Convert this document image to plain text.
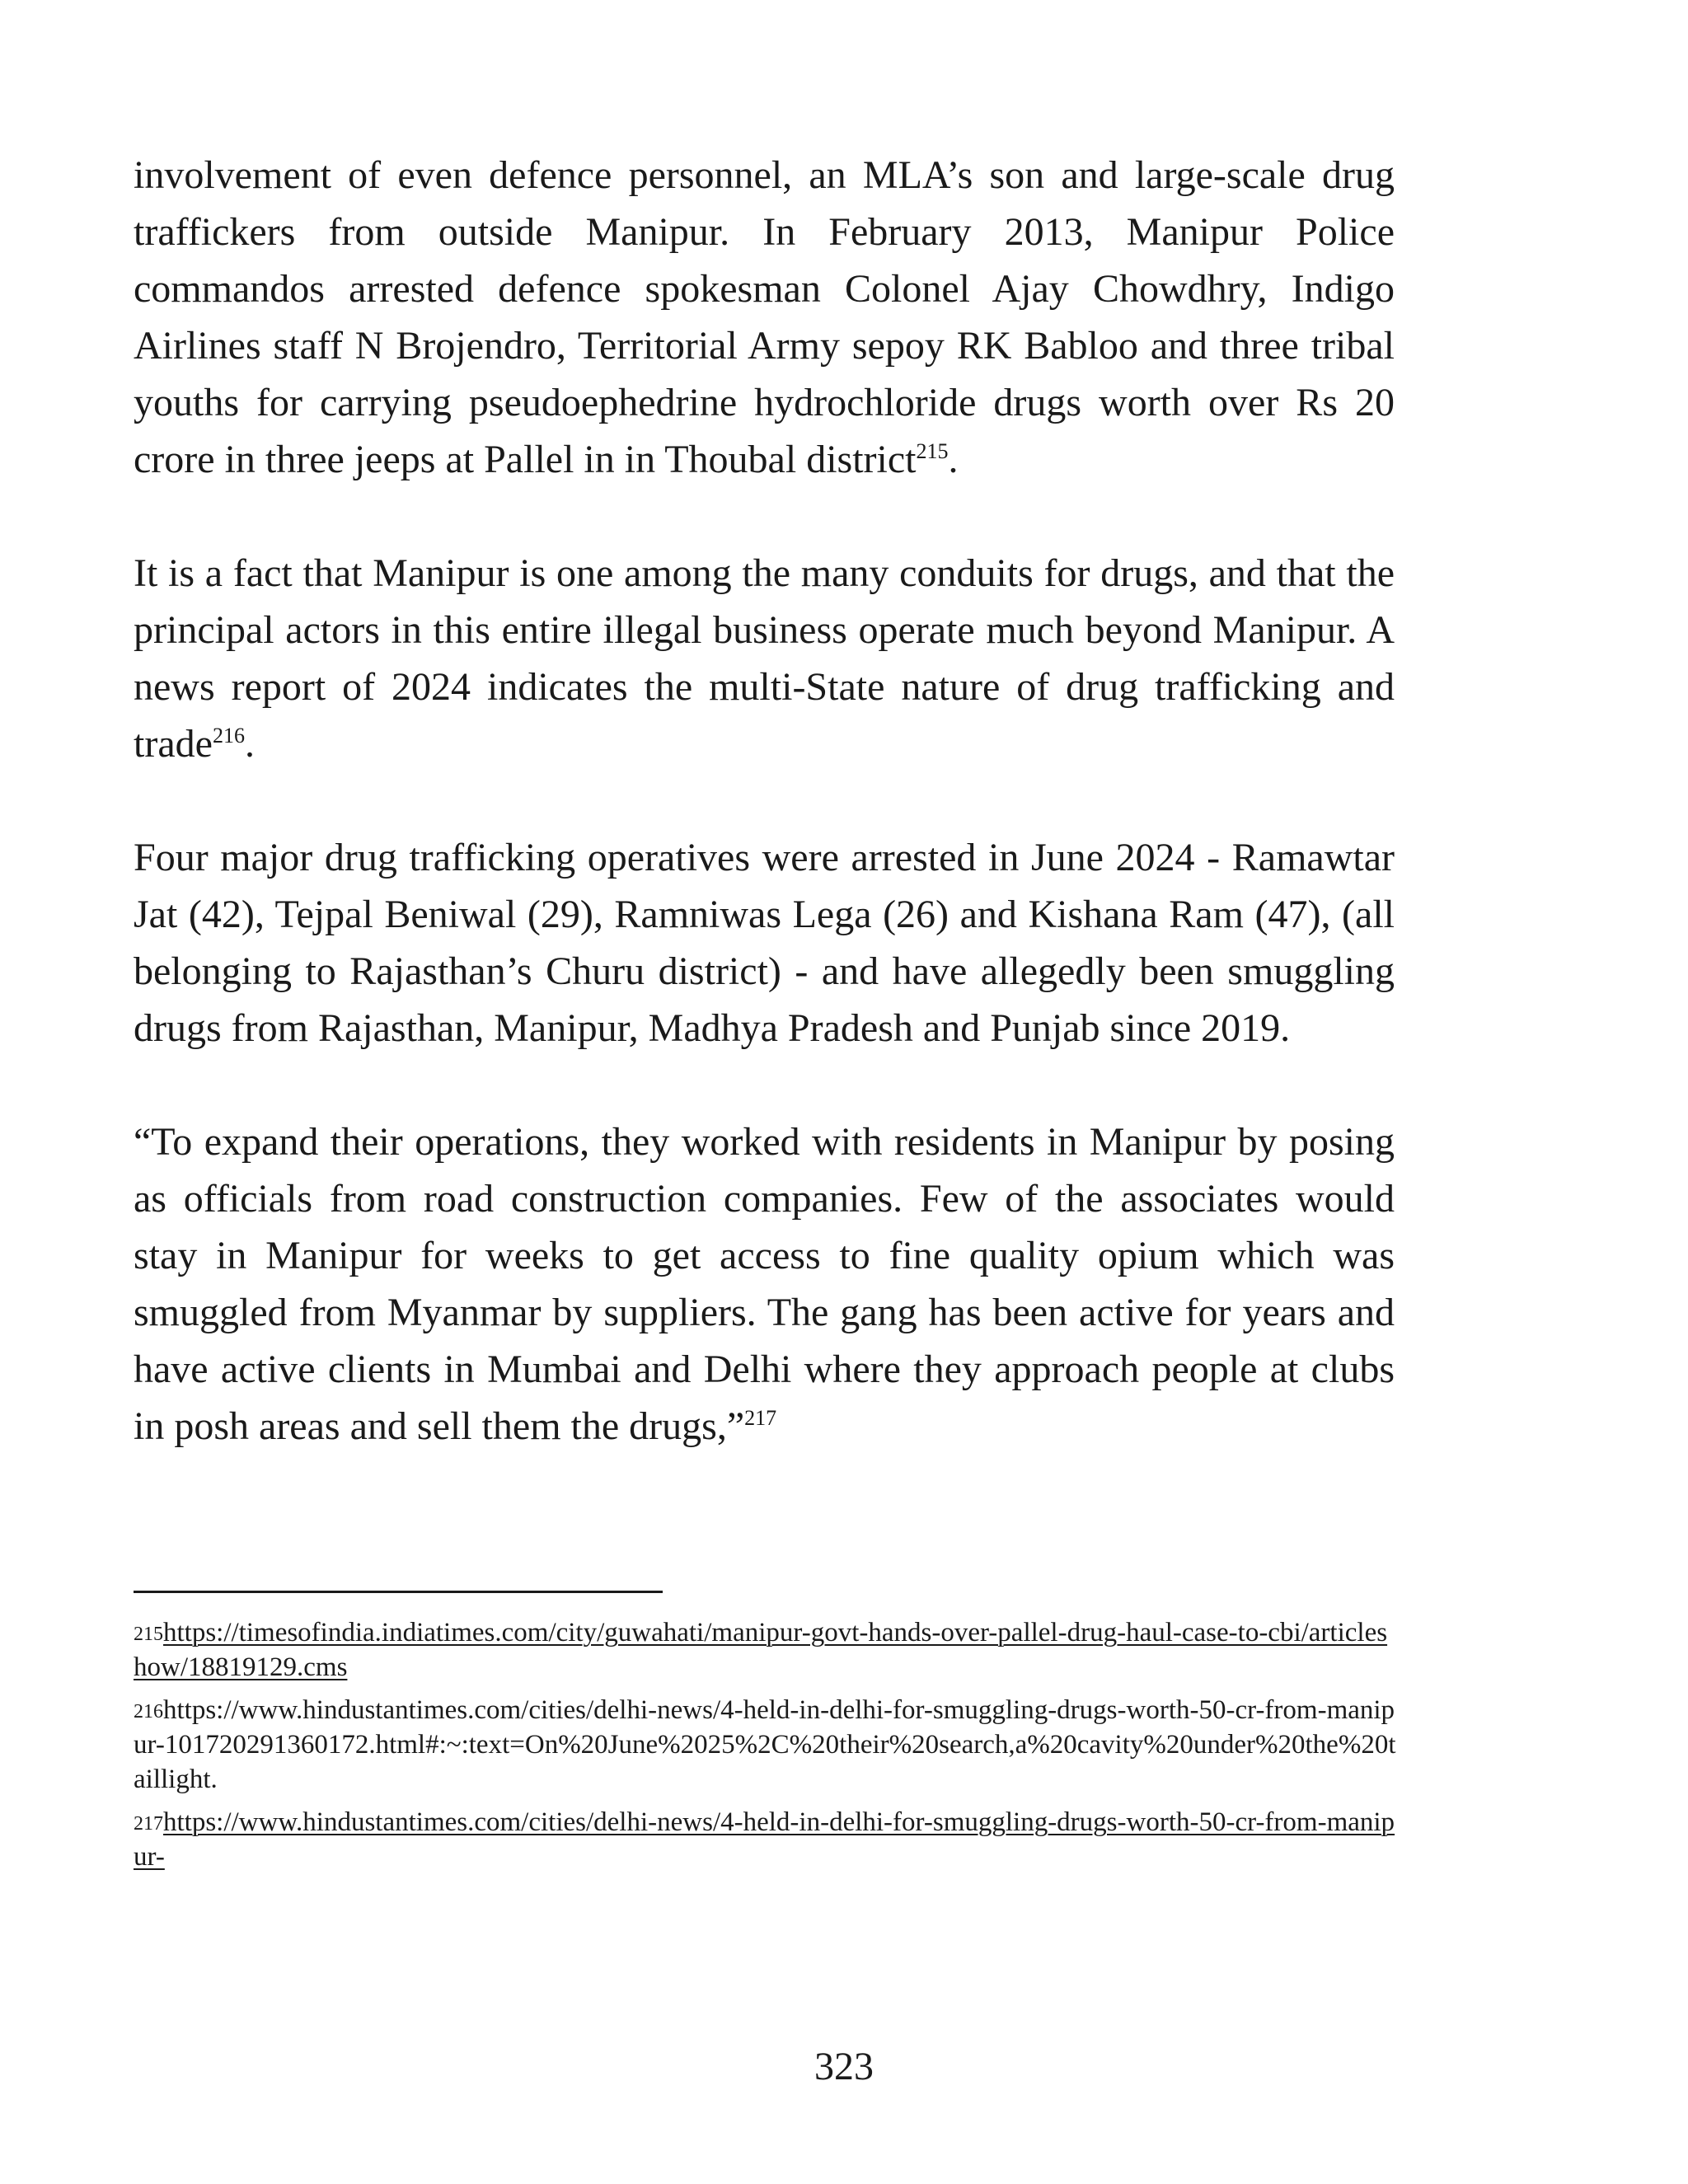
involvement of even defence personnel, an MLA’s son and large-scale drug traffickers from outside Manipur. In February 2013, Manipur Police commandos arrested defence spokesman Colonel Ajay Chowdhry, Indigo Airlines staff N Brojendro, Territorial Army sepoy RK Babloo and three tribal youths for carrying pseudoephedrine hydrochloride drugs worth over Rs 20 crore in three jeeps at Pallel in in Thoubal district$^{215}$.

It is a fact that Manipur is one among the many conduits for drugs, and that the principal actors in this entire illegal business operate much beyond Manipur. A news report of 2024 indicates the multi-State nature of drug trafficking and trade$^{216}$.

Four major drug trafficking operatives were arrested in June 2024 - Ramawtar Jat (42), Tejpal Beniwal (29), Ramniwas Lega (26) and Kishana Ram (47), (all belonging to Rajasthan’s Churu district) - and have allegedly been smuggling drugs from Rajasthan, Manipur, Madhya Pradesh and Punjab since 2019.

“To expand their operations, they worked with residents in Manipur by posing as officials from road construction companies. Few of the associates would stay in Manipur for weeks to get access to fine quality opium which was smuggled from Myanmar by suppliers. The gang has been active for years and have active clients in Mumbai and Delhi where they approach people at clubs in posh areas and sell them the drugs,”$^{217}$

$^{215}$https://timesofindia.indiatimes.com/city/guwahati/manipur-govt-hands-over-pallel-drug-haul-case-to-cbi/articleshow/18819129.cms

$^{216}$https://www.hindustantimes.com/cities/delhi-news/4-held-in-delhi-for-smuggling-drugs-worth-50-cr-from-manipur-101720291360172.html#:~:text=On%20June%2025%2C%20their%20search,a%20cavity%20under%20the%20taillight.

$^{217}$https://www.hindustantimes.com/cities/delhi-news/4-held-in-delhi-for-smuggling-drugs-worth-50-cr-from-manipur-

323
